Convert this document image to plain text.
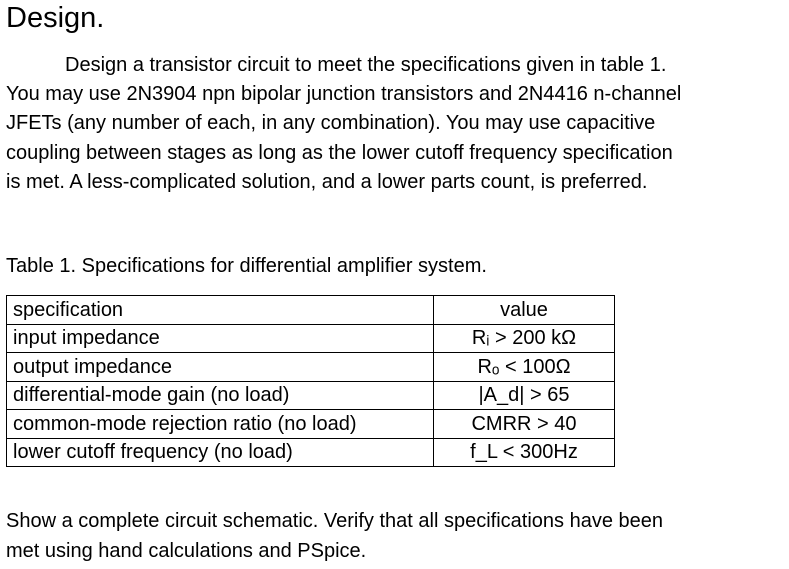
Design.

Design a transistor circuit to meet the specifications given in table 1.
You may use 2N3904 npn bipolar junction transistors and 2N4416 n-channel
JFETs (any number of each, in any combination). You may use capacitive
coupling between stages as long as the lower cutoff frequency specification
is met. A less-complicated solution, and a lower parts count, is preferred.

Table 1. Specifications for differential amplifier system.

specification	value
input impedance	Rᵢ > 200 kΩ
output impedance	Rₒ < 100Ω
differential-mode gain (no load)	|A_d| > 65
common-mode rejection ratio (no load)	CMRR > 40
lower cutoff frequency (no load)	f_L < 300Hz

Show a complete circuit schematic. Verify that all specifications have been
met using hand calculations and PSpice.
